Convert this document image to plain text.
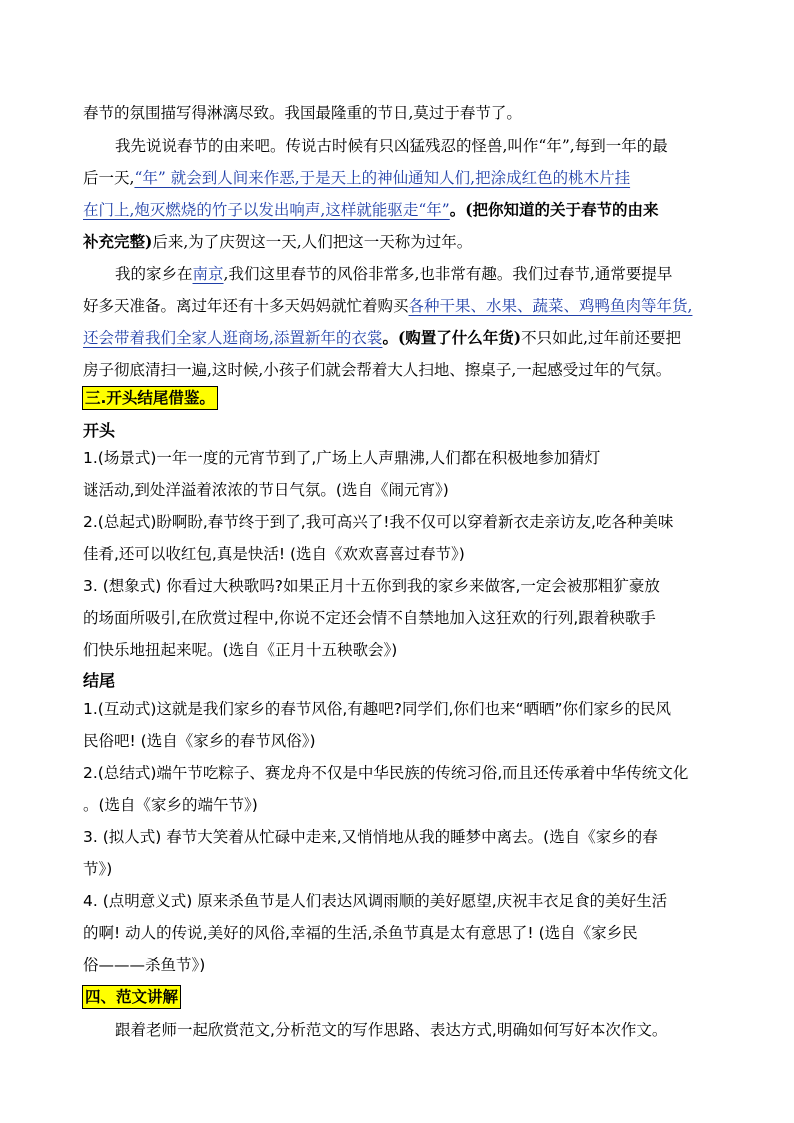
春节的氛围描写得淋漓尽致。我国最隆重的节日,莫过于春节了。
我先说说春节的由来吧。传说古时候有只凶猛残忍的怪兽,叫作“年”,每到一年的最
后一天,“年” 就会到人间来作恶,于是天上的神仙通知人们,把涂成红色的桃木片挂
在门上,炮灭燃烧的竹子以发出响声,这样就能驱走“年”。(把你知道的关于春节的由来
补充完整)后来,为了庆贺这一天,人们把这一天称为过年。
我的家乡在南京,我们这里春节的风俗非常多,也非常有趣。我们过春节,通常要提早
好多天准备。离过年还有十多天妈妈就忙着购买各种干果、水果、蔬菜、鸡鸭鱼肉等年货,
还会带着我们全家人逛商场,添置新年的衣裳。(购置了什么年货)不只如此,过年前还要把
房子彻底清扫一遍,这时候,小孩子们就会帮着大人扫地、擦桌子,一起感受过年的气氛。
三.开头结尾借鉴。
开头
1.(场景式)一年一度的元宵节到了,广场上人声鼎沸,人们都在积极地参加猜灯
谜活动,到处洋溢着浓浓的节日气氛。(选自《闹元宵》)
2.(总起式)盼啊盼,春节终于到了,我可高兴了!我不仅可以穿着新衣走亲访友,吃各种美味
佳肴,还可以收红包,真是快活! (选自《欢欢喜喜过春节》)
3. (想象式) 你看过大秧歌吗?如果正月十五你到我的家乡来做客,一定会被那粗犷豪放
的场面所吸引,在欣赏过程中,你说不定还会情不自禁地加入这狂欢的行列,跟着秧歌手
们快乐地扭起来呢。(选自《正月十五秧歌会》)
结尾
1.(互动式)这就是我们家乡的春节风俗,有趣吧?同学们,你们也来“晒晒”你们家乡的民风
民俗吧! (选自《家乡的春节风俗》)
2.(总结式)端午节吃粽子、赛龙舟不仅是中华民族的传统习俗,而且还传承着中华传统文化
。(选自《家乡的端午节》)
3. (拟人式) 春节大笑着从忙碌中走来,又悄悄地从我的睡梦中离去。(选自《家乡的春
节》)
4. (点明意义式) 原来杀鱼节是人们表达风调雨顺的美好愿望,庆祝丰衣足食的美好生活
的啊! 动人的传说,美好的风俗,幸福的生活,杀鱼节真是太有意思了! (选自《家乡民
俗———杀鱼节》)
四、范文讲解
跟着老师一起欣赏范文,分析范文的写作思路、表达方式,明确如何写好本次作文。
